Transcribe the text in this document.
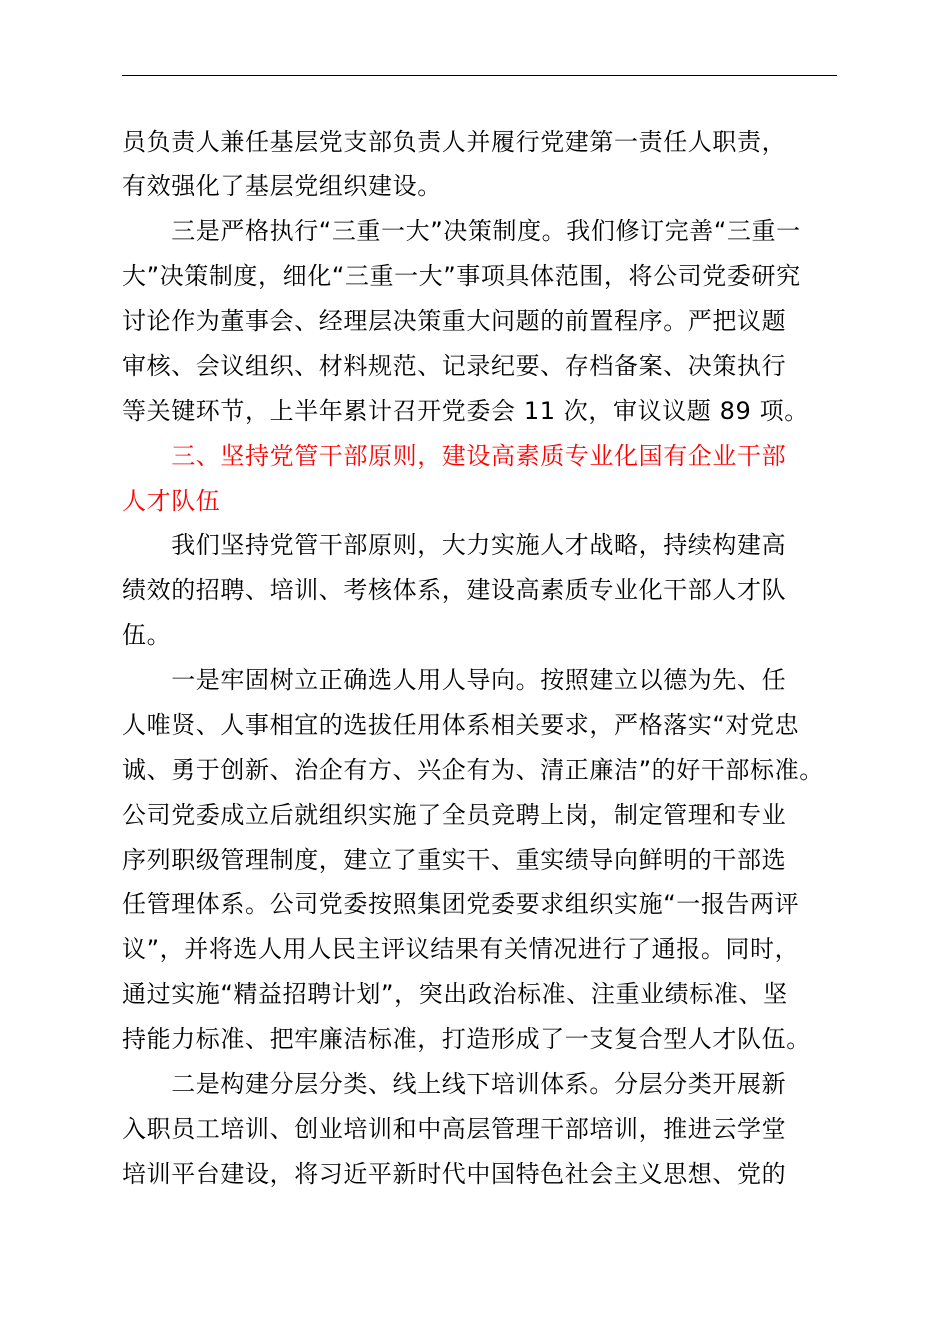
员负责人兼任基层党支部负责人并履行党建第一责任人职责，
有效强化了基层党组织建设。
　　三是严格执行“三重一大”决策制度。我们修订完善“三重一
大”决策制度，细化“三重一大”事项具体范围，将公司党委研究
讨论作为董事会、经理层决策重大问题的前置程序。严把议题
审核、会议组织、材料规范、记录纪要、存档备案、决策执行
等关键环节，上半年累计召开党委会 11 次，审议议题 89 项。
　　三、坚持党管干部原则，建设高素质专业化国有企业干部
人才队伍
　　我们坚持党管干部原则，大力实施人才战略，持续构建高
绩效的招聘、培训、考核体系，建设高素质专业化干部人才队
伍。
　　一是牢固树立正确选人用人导向。按照建立以德为先、任
人唯贤、人事相宜的选拔任用体系相关要求，严格落实“对党忠
诚、勇于创新、治企有方、兴企有为、清正廉洁”的好干部标准。
公司党委成立后就组织实施了全员竞聘上岗，制定管理和专业
序列职级管理制度，建立了重实干、重实绩导向鲜明的干部选
任管理体系。公司党委按照集团党委要求组织实施“一报告两评
议”，并将选人用人民主评议结果有关情况进行了通报。同时，
通过实施“精益招聘计划”，突出政治标准、注重业绩标准、坚
持能力标准、把牢廉洁标准，打造形成了一支复合型人才队伍。
　　二是构建分层分类、线上线下培训体系。分层分类开展新
入职员工培训、创业培训和中高层管理干部培训，推进云学堂
培训平台建设，将习近平新时代中国特色社会主义思想、党的
